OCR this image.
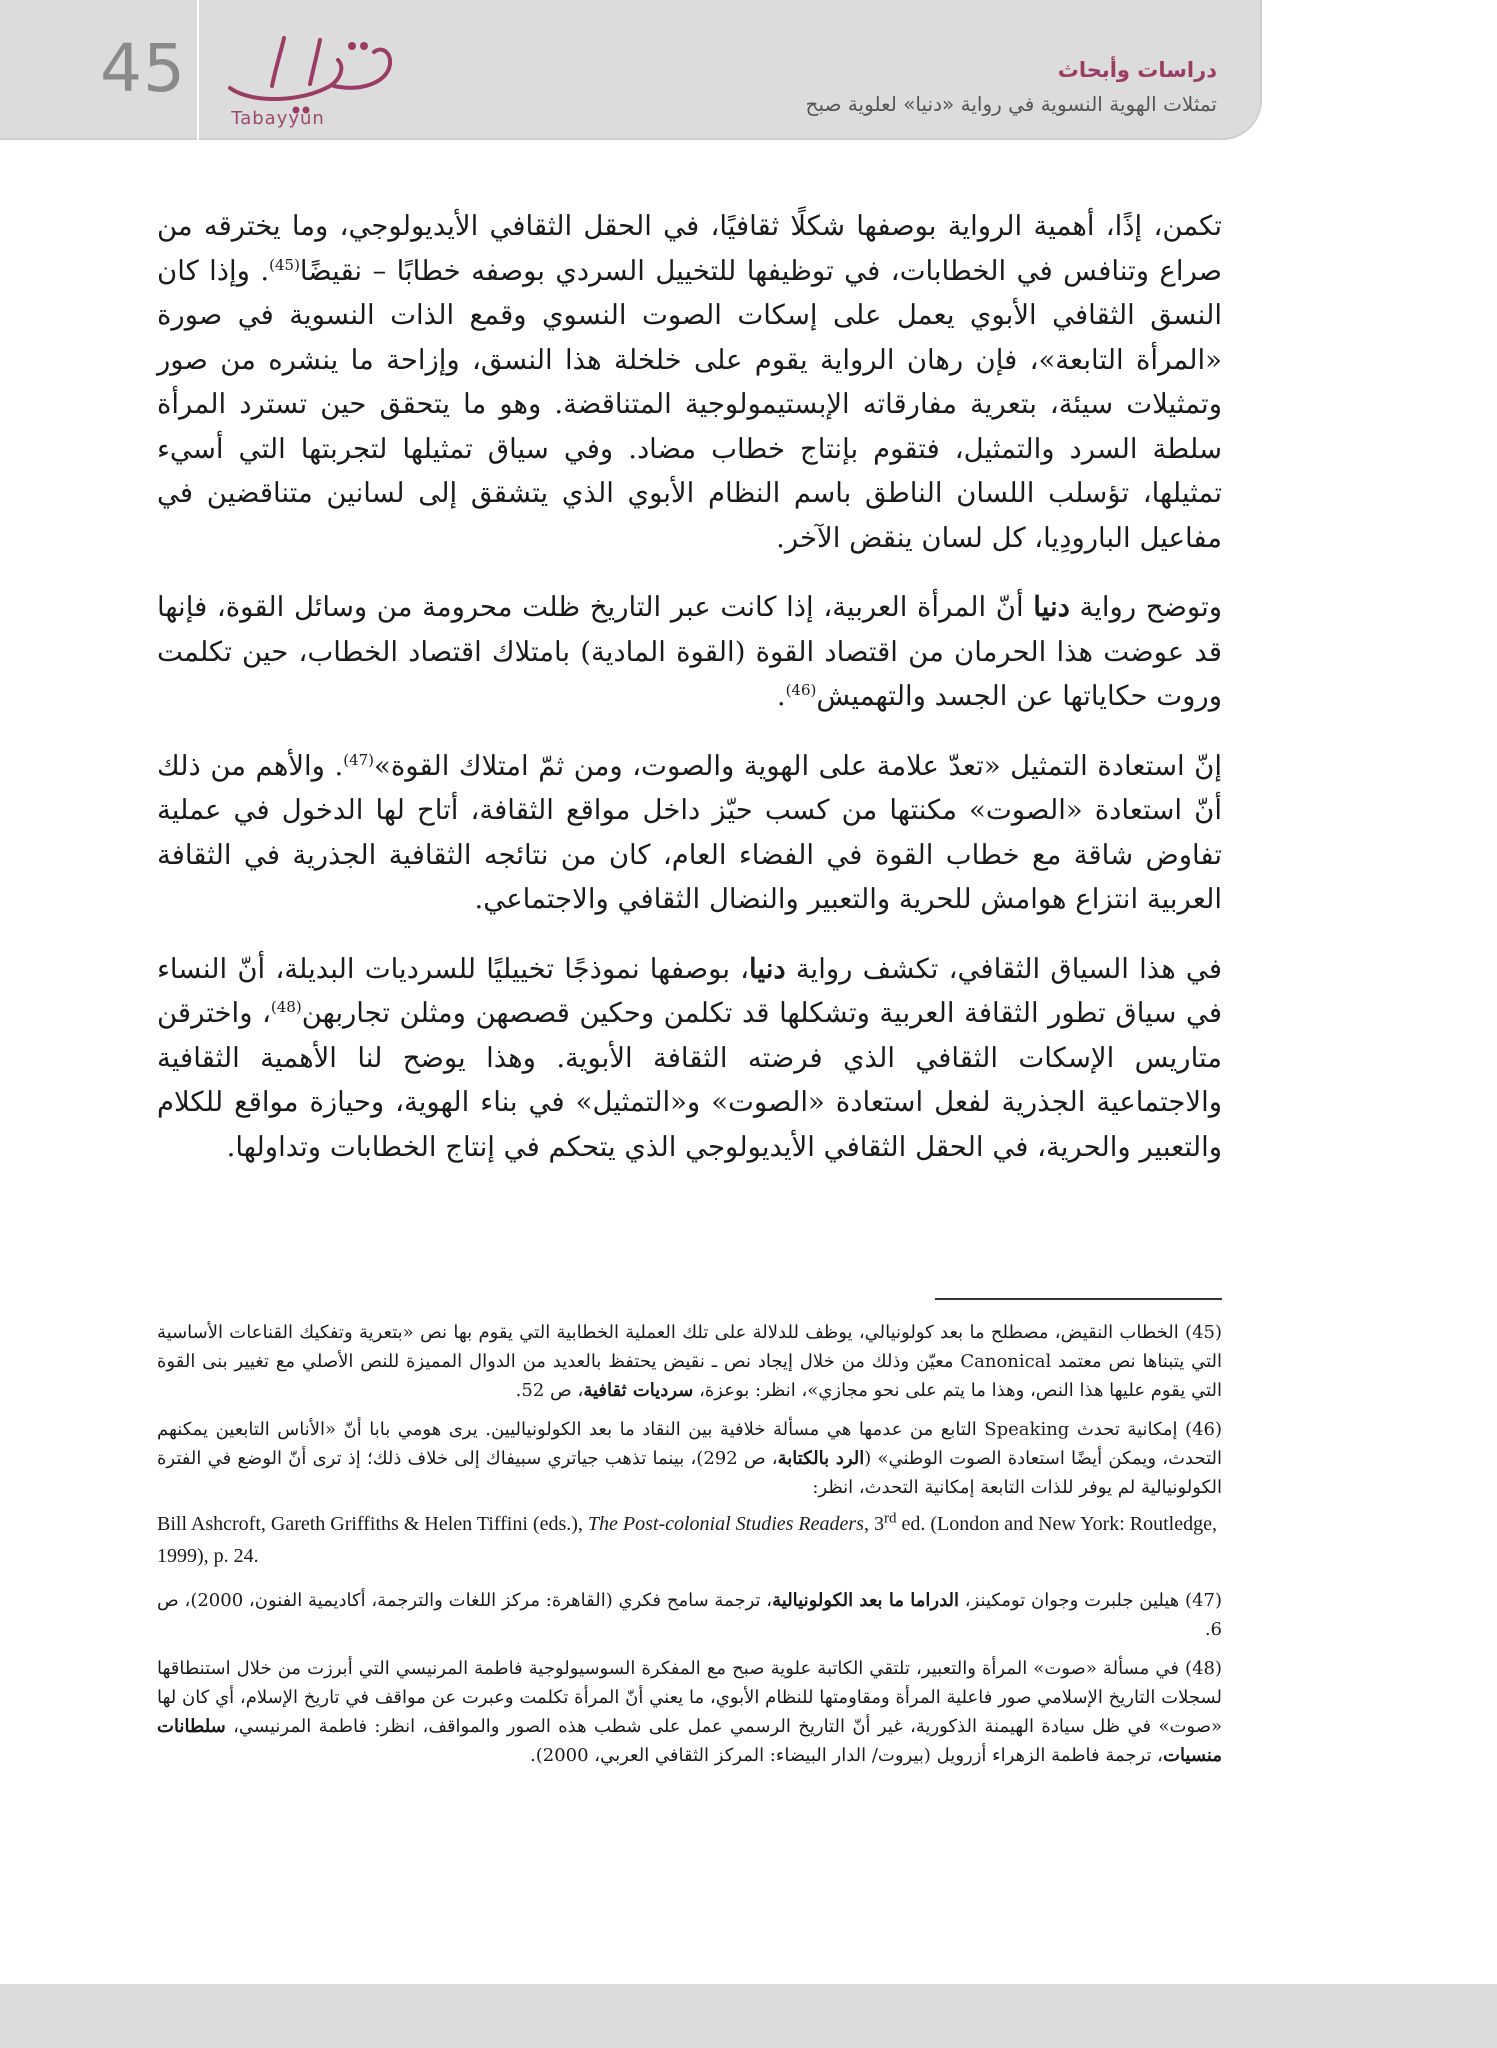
45
Tabayyun
دراسات وأبحاث
تمثلات الهوية النسوية في رواية «دنيا» لعلوية صبح

تكمن، إذًا، أهمية الرواية بوصفها شكلًا ثقافيًا، في الحقل الثقافي الأيديولوجي، وما يخترقه من صراع وتنافس في الخطابات، في توظيفها للتخييل السردي بوصفه خطابًا – نقيضًا$^{(45)}$. وإذا كان النسق الثقافي الأبوي يعمل على إسكات الصوت النسوي وقمع الذات النسوية في صورة «المرأة التابعة»، فإن رهان الرواية يقوم على خلخلة هذا النسق، وإزاحة ما ينشره من صور وتمثيلات سيئة، بتعرية مفارقاته الإبستيمولوجية المتناقضة. وهو ما يتحقق حين تسترد المرأة سلطة السرد والتمثيل، فتقوم بإنتاج خطاب مضاد. وفي سياق تمثيلها لتجربتها التي أسيء تمثيلها، تؤسلب اللسان الناطق باسم النظام الأبوي الذي يتشقق إلى لسانين متناقضين في مفاعيل البارودِيا، كل لسان ينقض الآخر.

وتوضح رواية دنيا أنّ المرأة العربية، إذا كانت عبر التاريخ ظلت محرومة من وسائل القوة، فإنها قد عوضت هذا الحرمان من اقتصاد القوة (القوة المادية) بامتلاك اقتصاد الخطاب، حين تكلمت وروت حكاياتها عن الجسد والتهميش$^{(46)}$.

إنّ استعادة التمثيل «تعدّ علامة على الهوية والصوت، ومن ثمّ امتلاك القوة»$^{(47)}$. والأهم من ذلك أنّ استعادة «الصوت» مكنتها من كسب حيّز داخل مواقع الثقافة، أتاح لها الدخول في عملية تفاوض شاقة مع خطاب القوة في الفضاء العام، كان من نتائجه الثقافية الجذرية في الثقافة العربية انتزاع هوامش للحرية والتعبير والنضال الثقافي والاجتماعي.

في هذا السياق الثقافي، تكشف رواية دنيا، بوصفها نموذجًا تخييليًا للسرديات البديلة، أنّ النساء في سياق تطور الثقافة العربية وتشكلها قد تكلمن وحكين قصصهن ومثلن تجاربهن$^{(48)}$، واخترقن متاريس الإسكات الثقافي الذي فرضته الثقافة الأبوية. وهذا يوضح لنا الأهمية الثقافية والاجتماعية الجذرية لفعل استعادة «الصوت» و«التمثيل» في بناء الهوية، وحيازة مواقع للكلام والتعبير والحرية، في الحقل الثقافي الأيديولوجي الذي يتحكم في إنتاج الخطابات وتداولها.

(45) الخطاب النقيض، مصطلح ما بعد كولونيالي، يوظف للدلالة على تلك العملية الخطابية التي يقوم بها نص «بتعرية وتفكيك القناعات الأساسية التي يتبناها نص معتمد Canonical معيّن وذلك من خلال إيجاد نص ـ نقيض يحتفظ بالعديد من الدوال المميزة للنص الأصلي مع تغيير بنى القوة التي يقوم عليها هذا النص، وهذا ما يتم على نحو مجازي»، انظر: بوعزة، سرديات ثقافية، ص 52.
(46) إمكانية تحدث Speaking التابع من عدمها هي مسألة خلافية بين النقاد ما بعد الكولونياليين. يرى هومي بابا أنّ «الأناس التابعين يمكنهم التحدث، ويمكن أيضًا استعادة الصوت الوطني» (الرد بالكتابة، ص 292)، بينما تذهب جياتري سبيفاك إلى خلاف ذلك؛ إذ ترى أنّ الوضع في الفترة الكولونيالية لم يوفر للذات التابعة إمكانية التحدث، انظر:
Bill Ashcroft, Gareth Griffiths & Helen Tiffini (eds.), The Post-colonial Studies Readers, 3rd ed. (London and New York: Routledge, 1999), p. 24.
(47) هيلين جلبرت وجوان تومكينز، الدراما ما بعد الكولونيالية، ترجمة سامح فكري (القاهرة: مركز اللغات والترجمة، أكاديمية الفنون، 2000)، ص 6.
(48) في مسألة «صوت» المرأة والتعبير، تلتقي الكاتبة علوية صبح مع المفكرة السوسيولوجية فاطمة المرنيسي التي أبرزت من خلال استنطاقها لسجلات التاريخ الإسلامي صور فاعلية المرأة ومقاومتها للنظام الأبوي، ما يعني أنّ المرأة تكلمت وعبرت عن مواقف في تاريخ الإسلام، أي كان لها «صوت» في ظل سيادة الهيمنة الذكورية، غير أنّ التاريخ الرسمي عمل على شطب هذه الصور والمواقف، انظر: فاطمة المرنيسي، سلطانات منسيات، ترجمة فاطمة الزهراء أزرويل (بيروت/ الدار البيضاء: المركز الثقافي العربي، 2000).
